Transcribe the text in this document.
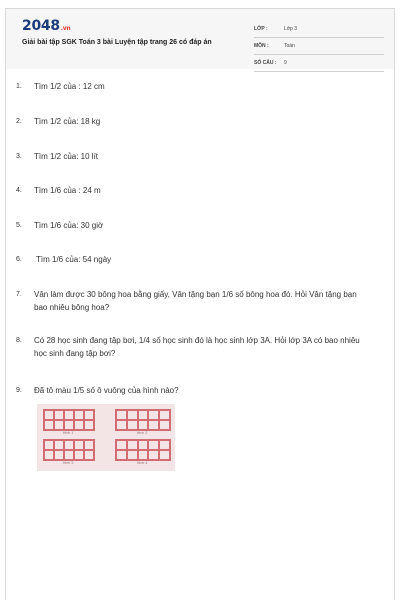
2048.vn
Giải bài tập SGK Toán 3 bài Luyện tập trang 26 có đáp án
LỚP :	Lớp 3
MÔN :	Toán
SỐ CÂU : 9
1. Tìm 1/2 của : 12 cm
2. Tìm 1/2 của: 18 kg
3. Tìm 1/2 của: 10 lít
4. Tìm 1/6 của : 24 m
5. Tìm 1/6 của: 30 giờ
6. Tìm 1/6 của: 54 ngày
7. Vân làm được 30 bông hoa bằng giấy, Vân tặng bạn 1/6 số bông hoa đó. Hỏi Vân tặng bạn bao nhiêu bông hoa?
8. Có 28 học sinh đang tập bơi, 1/4 số học sinh đó là học sinh lớp 3A. Hỏi lớp 3A có bao nhiêu học sinh đang tập bơi?
9. Đã tô màu 1/5 số ô vuông của hình nào?
Hình 1	Hình 2
Hình 3	Hình 4
